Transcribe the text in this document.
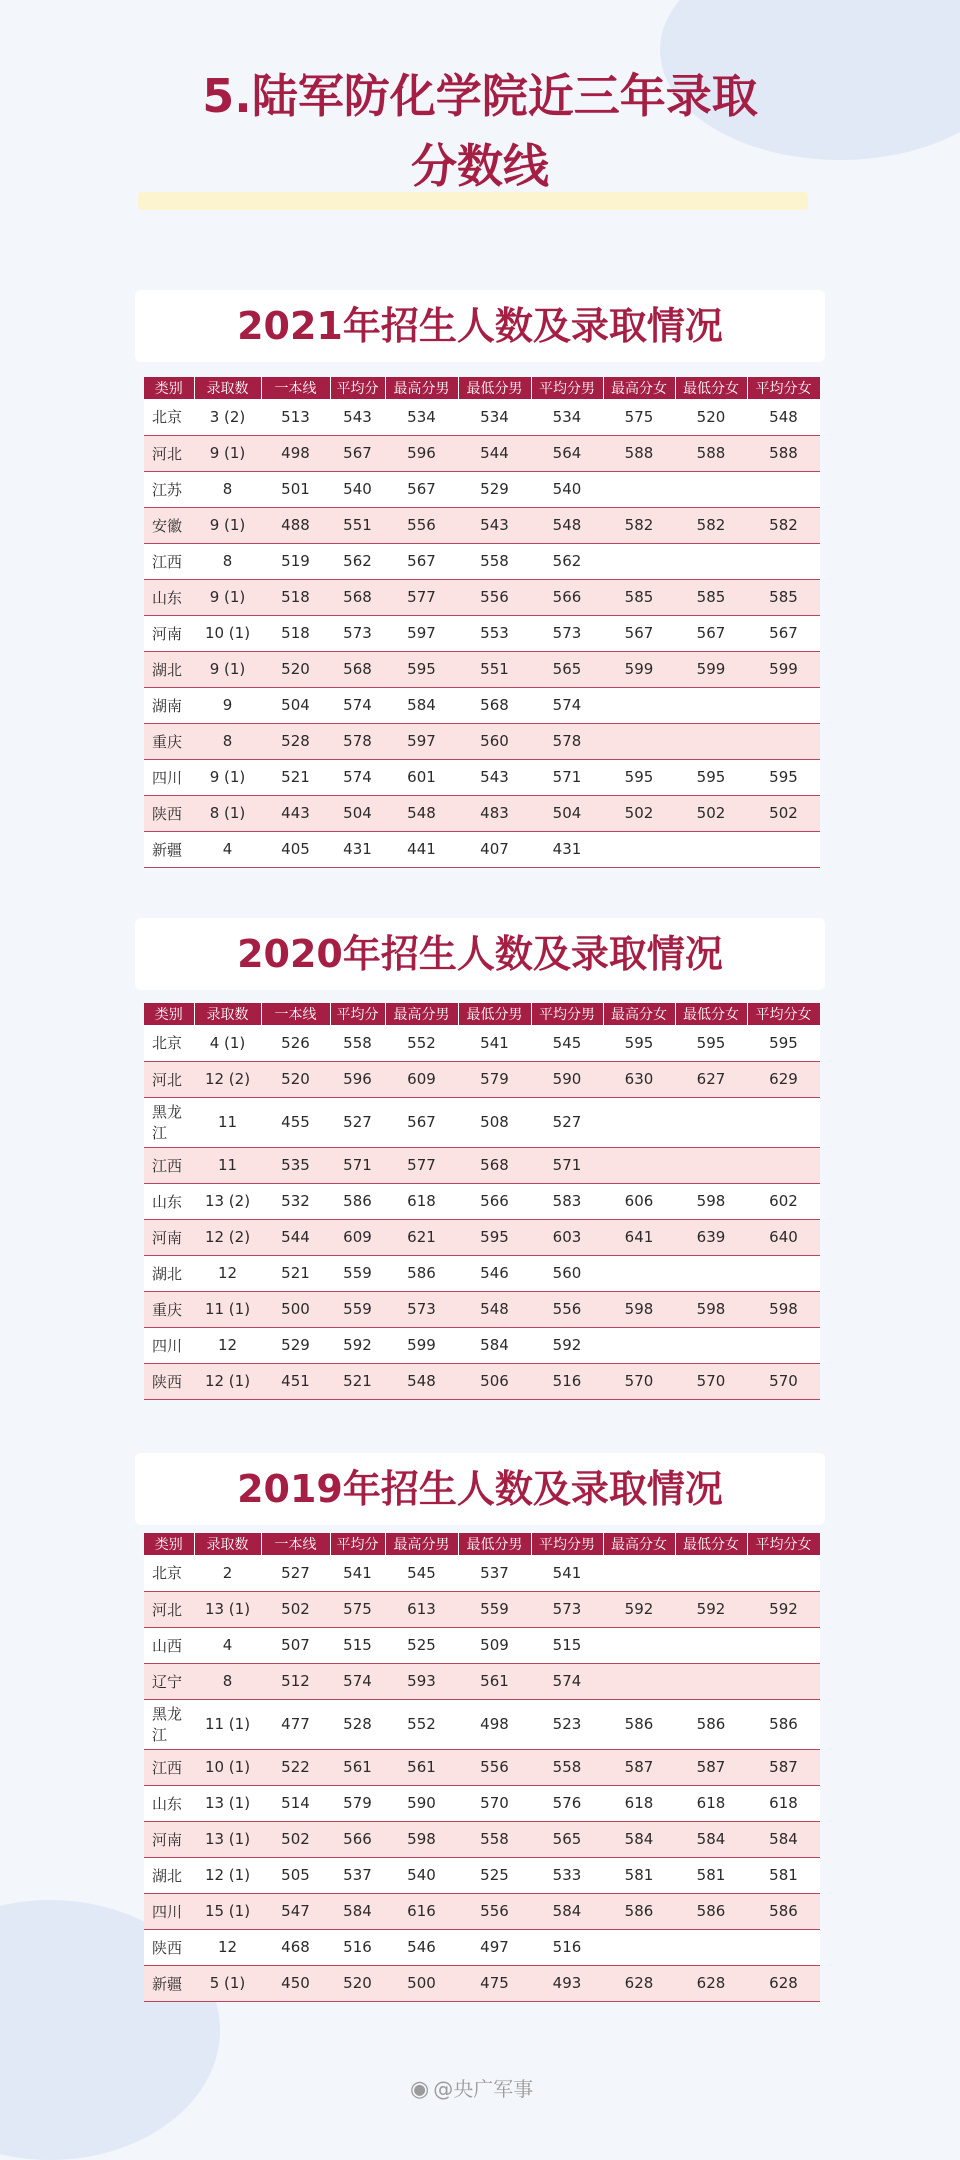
5.陆军防化学院近三年录取
分数线
2021年招生人数及录取情况
类别	录取数	一本线	平均分	最高分男	最低分男	平均分男	最高分女	最低分女	平均分女
北京	3 (2)	513	543	534	534	534	575	520	548
河北	9 (1)	498	567	596	544	564	588	588	588
江苏	8	501	540	567	529	540			
安徽	9 (1)	488	551	556	543	548	582	582	582
江西	8	519	562	567	558	562			
山东	9 (1)	518	568	577	556	566	585	585	585
河南	10 (1)	518	573	597	553	573	567	567	567
湖北	9 (1)	520	568	595	551	565	599	599	599
湖南	9	504	574	584	568	574			
重庆	8	528	578	597	560	578			
四川	9 (1)	521	574	601	543	571	595	595	595
陕西	8 (1)	443	504	548	483	504	502	502	502
新疆	4	405	431	441	407	431			
2020年招生人数及录取情况
类别	录取数	一本线	平均分	最高分男	最低分男	平均分男	最高分女	最低分女	平均分女
北京	4 (1)	526	558	552	541	545	595	595	595
河北	12 (2)	520	596	609	579	590	630	627	629
黑龙江	11	455	527	567	508	527			
江西	11	535	571	577	568	571			
山东	13 (2)	532	586	618	566	583	606	598	602
河南	12 (2)	544	609	621	595	603	641	639	640
湖北	12	521	559	586	546	560			
重庆	11 (1)	500	559	573	548	556	598	598	598
四川	12	529	592	599	584	592			
陕西	12 (1)	451	521	548	506	516	570	570	570
2019年招生人数及录取情况
类别	录取数	一本线	平均分	最高分男	最低分男	平均分男	最高分女	最低分女	平均分女
北京	2	527	541	545	537	541			
河北	13 (1)	502	575	613	559	573	592	592	592
山西	4	507	515	525	509	515			
辽宁	8	512	574	593	561	574			
黑龙江	11 (1)	477	528	552	498	523	586	586	586
江西	10 (1)	522	561	561	556	558	587	587	587
山东	13 (1)	514	579	590	570	576	618	618	618
河南	13 (1)	502	566	598	558	565	584	584	584
湖北	12 (1)	505	537	540	525	533	581	581	581
四川	15 (1)	547	584	616	556	584	586	586	586
陕西	12	468	516	546	497	516			
新疆	5 (1)	450	520	500	475	493	628	628	628
◉ @央广军事
